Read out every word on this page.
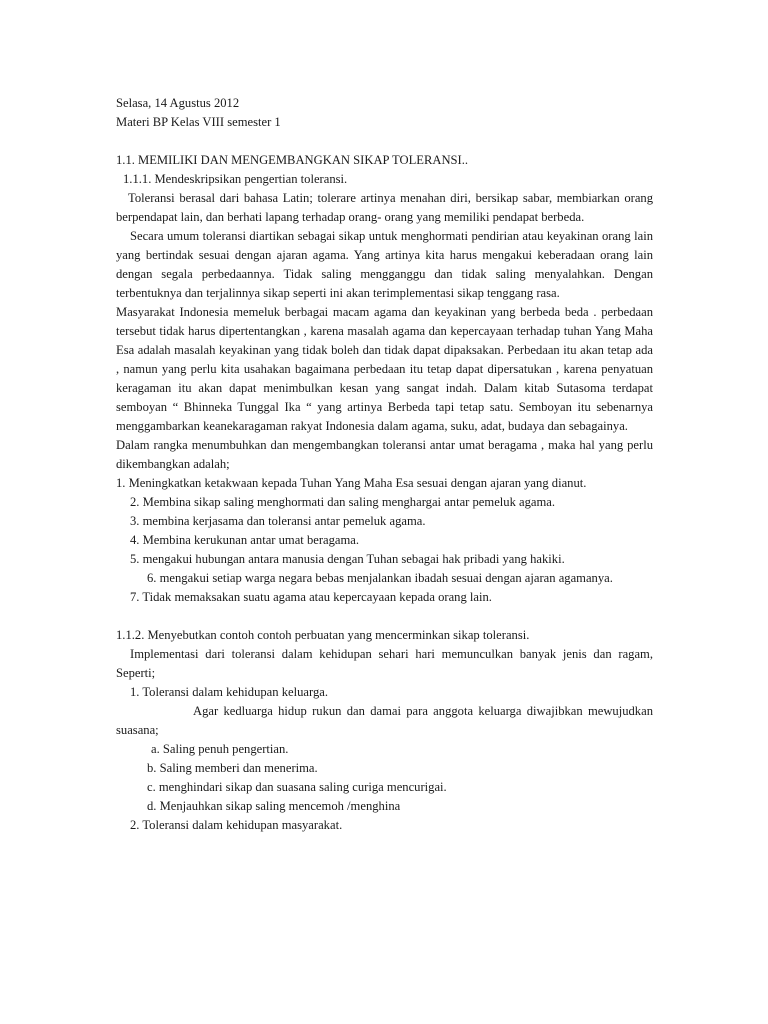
Selasa, 14 Agustus 2012

Materi BP Kelas VIII semester 1

1.1. MEMILIKI DAN MENGEMBANGKAN SIKAP TOLERANSI..

1.1.1. Mendeskripsikan pengertian toleransi.

Toleransi berasal dari bahasa Latin; tolerare artinya menahan diri, bersikap sabar, membiarkan orang berpendapat lain, dan berhati lapang terhadap orang- orang yang memiliki pendapat berbeda.

Secara umum toleransi diartikan sebagai sikap untuk menghormati pendirian atau keyakinan orang lain yang bertindak sesuai dengan ajaran agama. Yang artinya kita harus mengakui keberadaan orang lain dengan segala perbedaannya. Tidak saling mengganggu dan tidak saling menyalahkan. Dengan terbentuknya dan terjalinnya sikap seperti ini akan terimplementasi sikap tenggang rasa.

Masyarakat Indonesia memeluk berbagai macam agama dan keyakinan yang berbeda beda . perbedaan tersebut tidak harus dipertentangkan , karena masalah agama dan kepercayaan terhadap tuhan Yang Maha Esa adalah masalah keyakinan yang tidak boleh dan tidak dapat dipaksakan. Perbedaan itu akan tetap ada , namun yang perlu kita usahakan bagaimana perbedaan itu tetap dapat dipersatukan , karena penyatuan keragaman itu akan dapat menimbulkan kesan yang sangat indah. Dalam kitab Sutasoma terdapat semboyan “ Bhinneka Tunggal Ika “ yang artinya Berbeda tapi tetap satu. Semboyan itu sebenarnya menggambarkan keanekaragaman rakyat Indonesia dalam agama, suku, adat, budaya dan sebagainya.

Dalam rangka menumbuhkan dan mengembangkan toleransi antar umat beragama , maka hal yang perlu dikembangkan adalah;

1. Meningkatkan ketakwaan kepada Tuhan Yang Maha Esa sesuai dengan ajaran yang dianut.

2. Membina sikap saling menghormati dan saling menghargai antar pemeluk agama.

3. membina kerjasama dan toleransi antar pemeluk agama.

4. Membina kerukunan antar umat beragama.

5. mengakui hubungan antara manusia dengan Tuhan sebagai hak pribadi yang hakiki.

6. mengakui setiap warga negara bebas menjalankan ibadah sesuai dengan ajaran agamanya.

7. Tidak memaksakan suatu agama atau kepercayaan kepada orang lain.

1.1.2. Menyebutkan contoh contoh perbuatan yang mencerminkan sikap toleransi.

Implementasi dari toleransi dalam kehidupan sehari hari memunculkan banyak jenis dan ragam, Seperti;

1. Toleransi dalam kehidupan keluarga.

Agar kedluarga hidup rukun dan damai para anggota keluarga diwajibkan mewujudkan suasana;

a. Saling penuh pengertian.

b. Saling memberi dan menerima.

c. menghindari sikap dan suasana saling curiga mencurigai.

d. Menjauhkan sikap saling mencemoh /menghina

2. Toleransi dalam kehidupan masyarakat.
